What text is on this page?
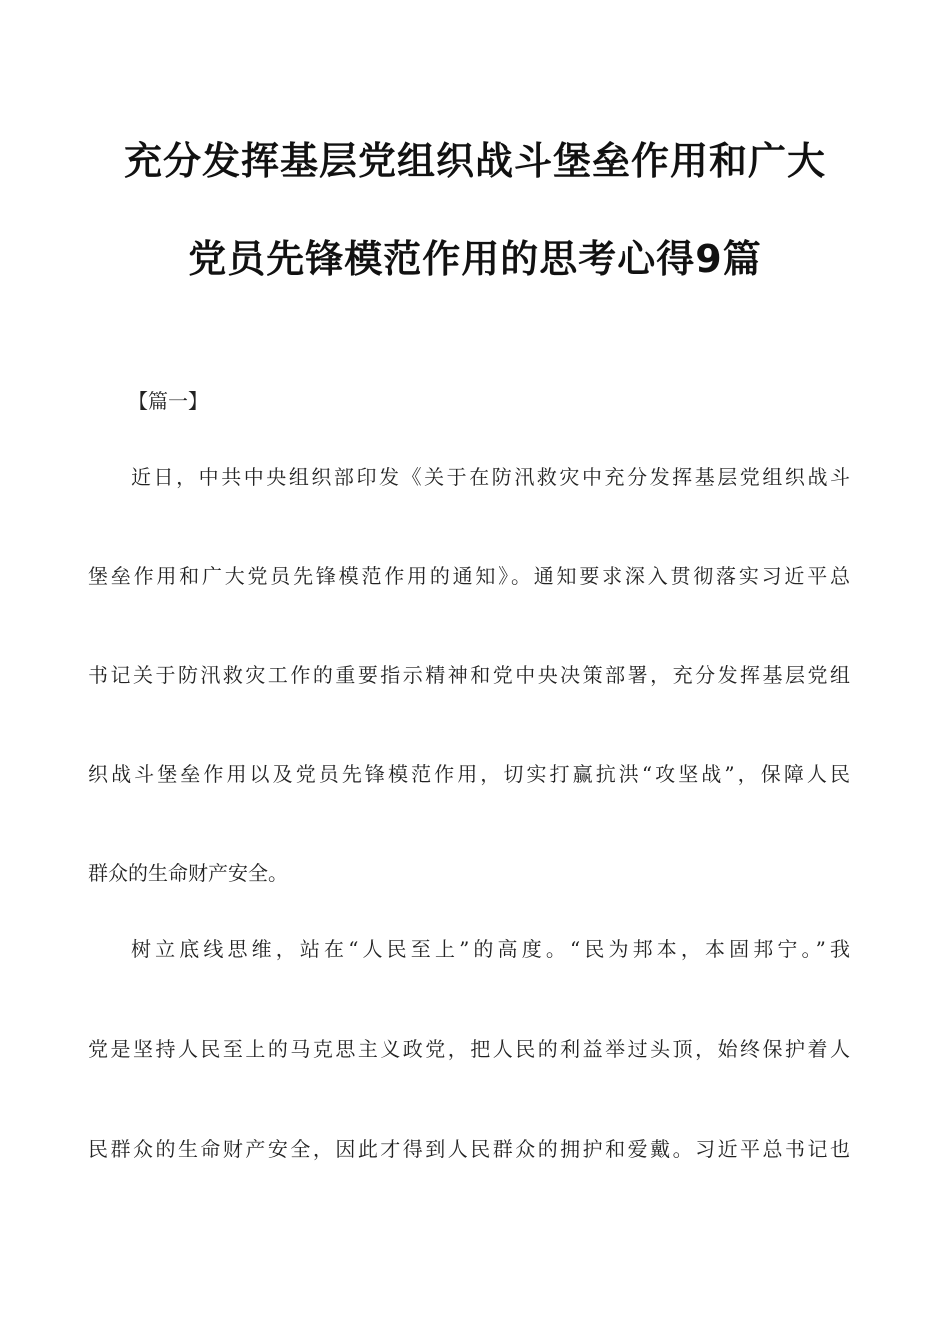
充分发挥基层党组织战斗堡垒作用和广大
党员先锋模范作用的思考心得9篇
【篇一】
近日，中共中央组织部印发《关于在防汛救灾中充分发挥基层党组织战斗
堡垒作用和广大党员先锋模范作用的通知》。通知要求深入贯彻落实习近平总
书记关于防汛救灾工作的重要指示精神和党中央决策部署，充分发挥基层党组
织战斗堡垒作用以及党员先锋模范作用，切实打赢抗洪“攻坚战”，保障人民
群众的生命财产安全。
树立底线思维，站在“人民至上”的高度。“民为邦本，本固邦宁。”我
党是坚持人民至上的马克思主义政党，把人民的利益举过头顶，始终保护着人
民群众的生命财产安全，因此才得到人民群众的拥护和爱戴。习近平总书记也
